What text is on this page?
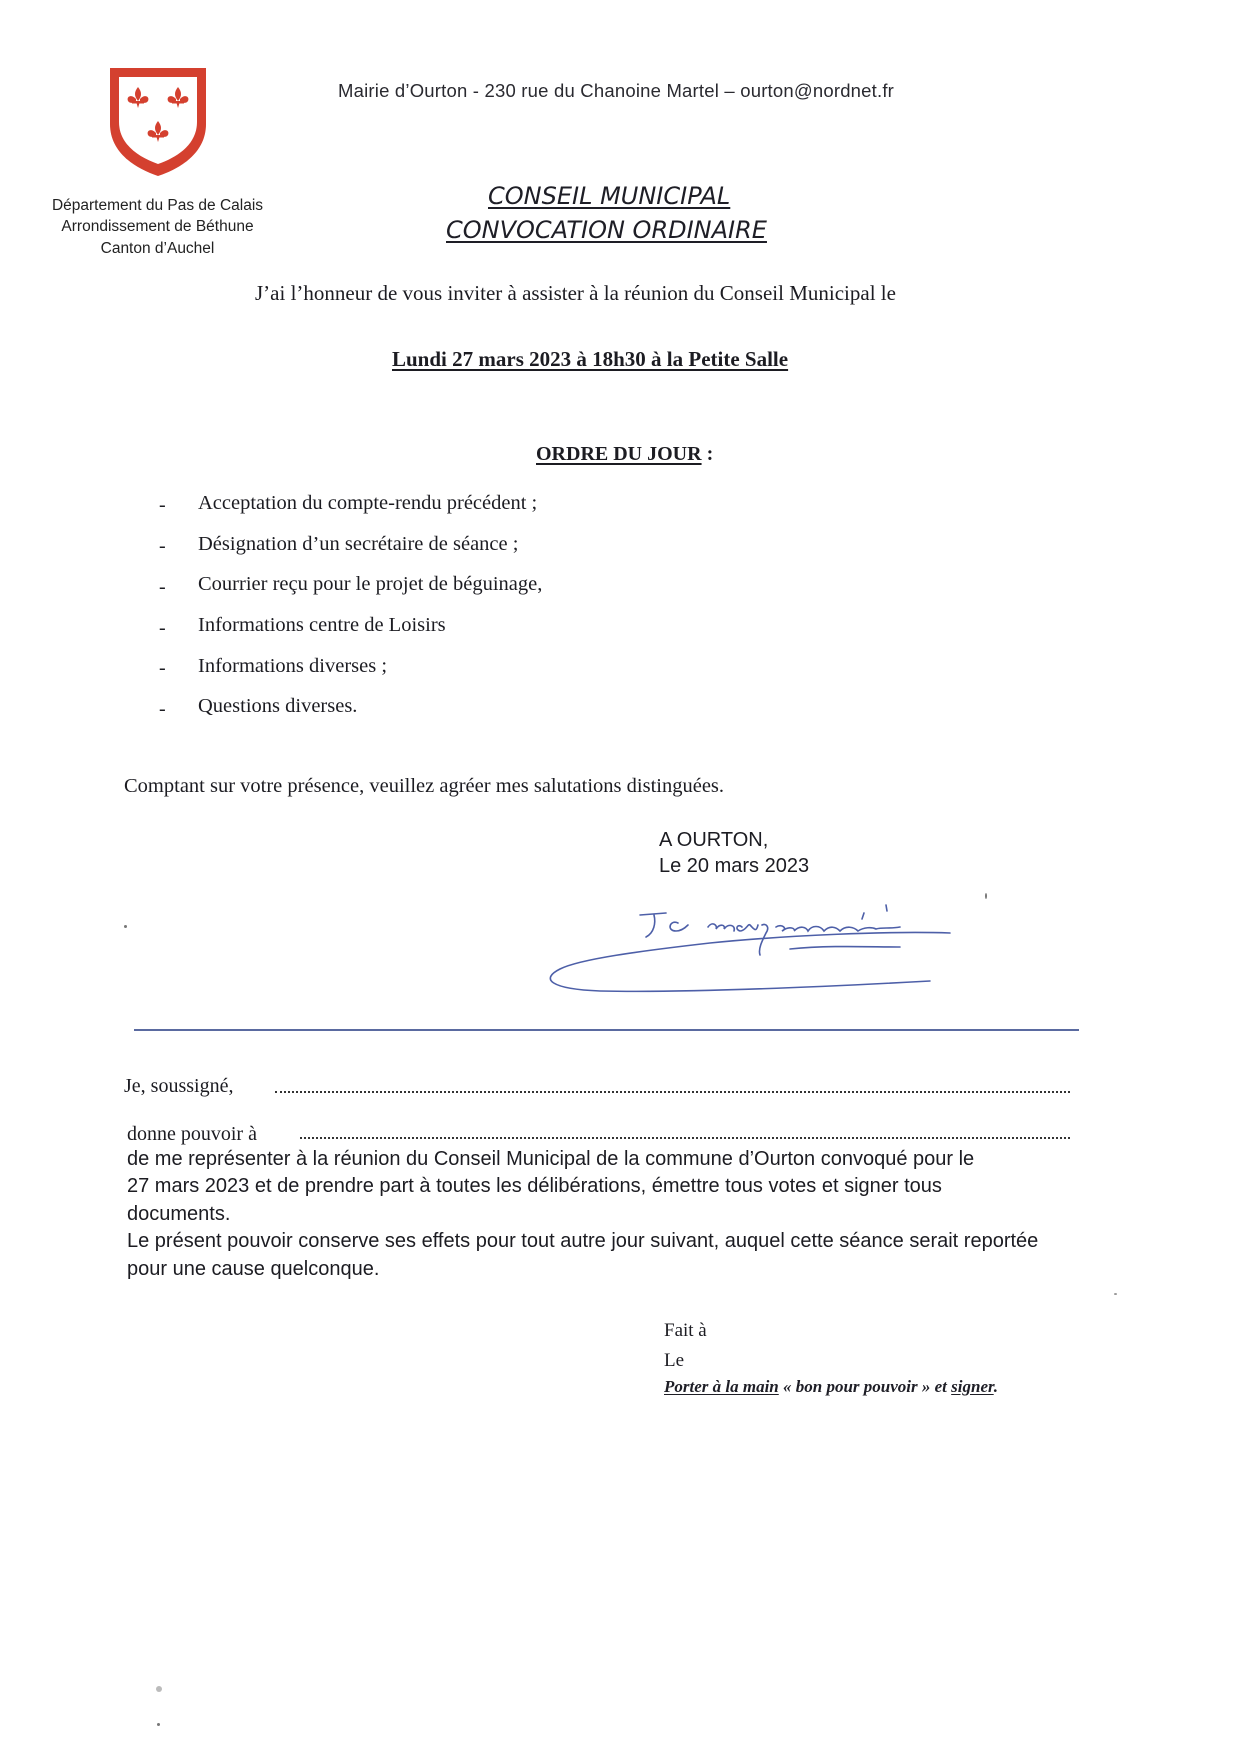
Mairie d’Ourton - 230 rue du Chanoine Martel – ourton@nordnet.fr
Département du Pas de Calais
Arrondissement de Béthune
Canton d’Auchel
CONSEIL MUNICIPAL
CONVOCATION ORDINAIRE
J’ai l’honneur de vous inviter à assister à la réunion du Conseil Municipal le
Lundi 27 mars 2023 à 18h30 à la Petite Salle
ORDRE DU JOUR :
- Acceptation du compte-rendu précédent ;
- Désignation d’un secrétaire de séance ;
- Courrier reçu pour le projet de béguinage,
- Informations centre de Loisirs
- Informations diverses ;
- Questions diverses.
Comptant sur votre présence, veuillez agréer mes salutations distinguées.
A OURTON,
Le 20 mars 2023
Je, soussigné,
donne pouvoir à
de me représenter à la réunion du Conseil Municipal de la commune d’Ourton convoqué pour le
27 mars 2023 et de prendre part à toutes les délibérations, émettre tous votes et signer tous
documents.
Le présent pouvoir conserve ses effets pour tout autre jour suivant, auquel cette séance serait reportée
pour une cause quelconque.
Fait à
Le
Porter à la main « bon pour pouvoir » et signer.
